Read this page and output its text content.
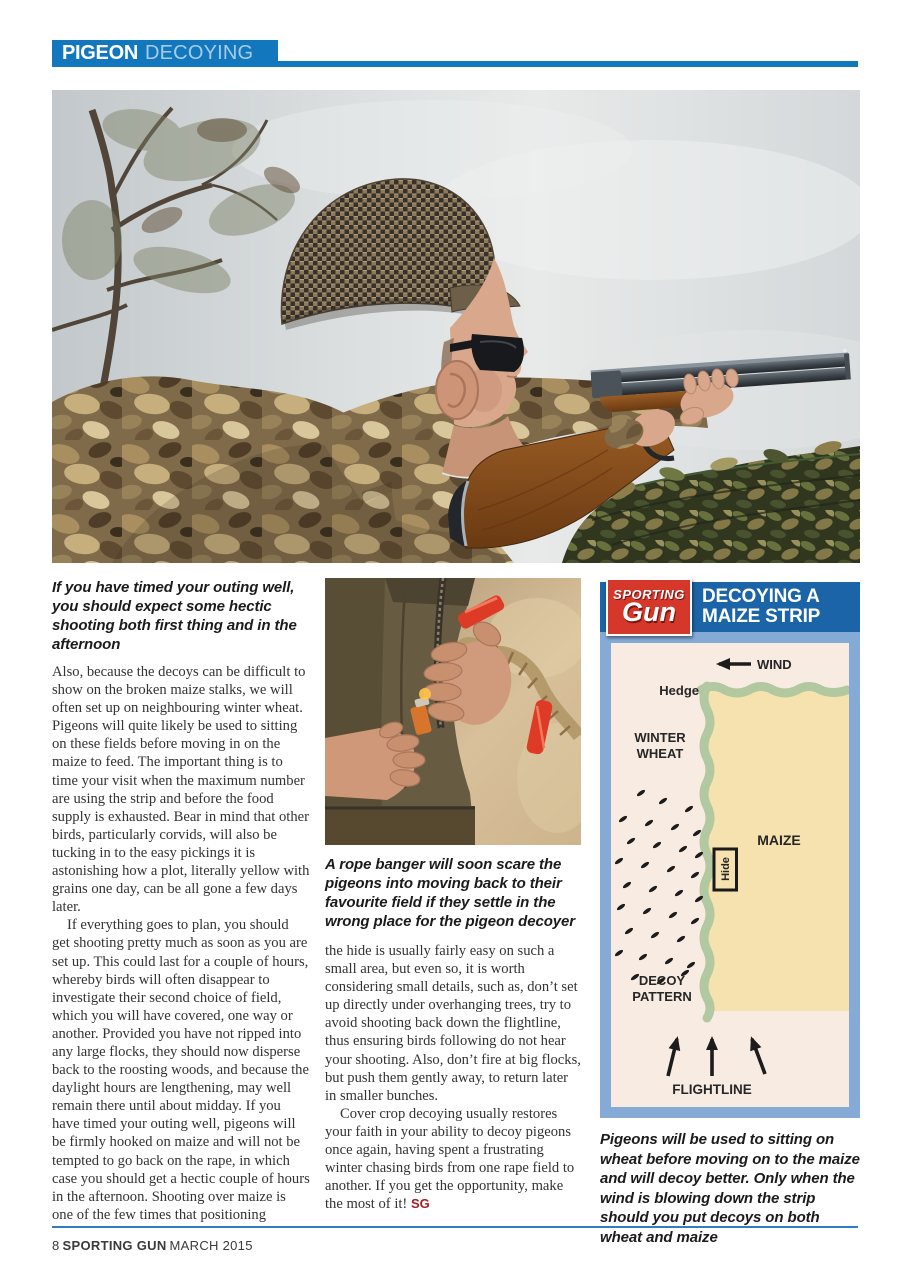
PIGEON DECOYING

If you have timed your outing well, you should expect some hectic shooting both first thing and in the afternoon

Also, because the decoys can be difficult to show on the broken maize stalks, we will often set up on neighbouring winter wheat. Pigeons will quite likely be used to sitting on these fields before moving in on the maize to feed. The important thing is to time your visit when the maximum number are using the strip and before the food supply is exhausted. Bear in mind that other birds, particularly corvids, will also be tucking in to the easy pickings it is astonishing how a plot, literally yellow with grains one day, can be all gone a few days later.

If everything goes to plan, you should get shooting pretty much as soon as you are set up. This could last for a couple of hours, whereby birds will often disappear to investigate their second choice of field, which you will have covered, one way or another. Provided you have not ripped into any large flocks, they should now disperse back to the roosting woods, and because the daylight hours are lengthening, may well remain there until about midday. If you have timed your outing well, pigeons will be firmly hooked on maize and will not be tempted to go back on the rape, in which case you should get a hectic couple of hours in the afternoon. Shooting over maize is one of the few times that positioning

A rope banger will soon scare the pigeons into moving back to their favourite field if they settle in the wrong place for the pigeon decoyer

the hide is usually fairly easy on such a small area, but even so, it is worth considering small details, such as, don’t set up directly under overhanging trees, try to avoid shooting back down the flightline, thus ensuring birds following do not hear your shooting. Also, don’t fire at big flocks, but push them gently away, to return later in smaller bunches.

Cover crop decoying usually restores your faith in your ability to decoy pigeons once again, having spent a frustrating winter chasing birds from one rape field to another. If you get the opportunity, make the most of it! SG

SPORTING
Gun
DECOYING A
MAIZE STRIP
WIND
Hedge
WINTER
WHEAT
MAIZE
Hide
DECOY
PATTERN
FLIGHTLINE

Pigeons will be used to sitting on wheat before moving on to the maize and will decoy better. Only when the wind is blowing down the strip should you put decoys on both wheat and maize

8 SPORTING GUN MARCH 2015
